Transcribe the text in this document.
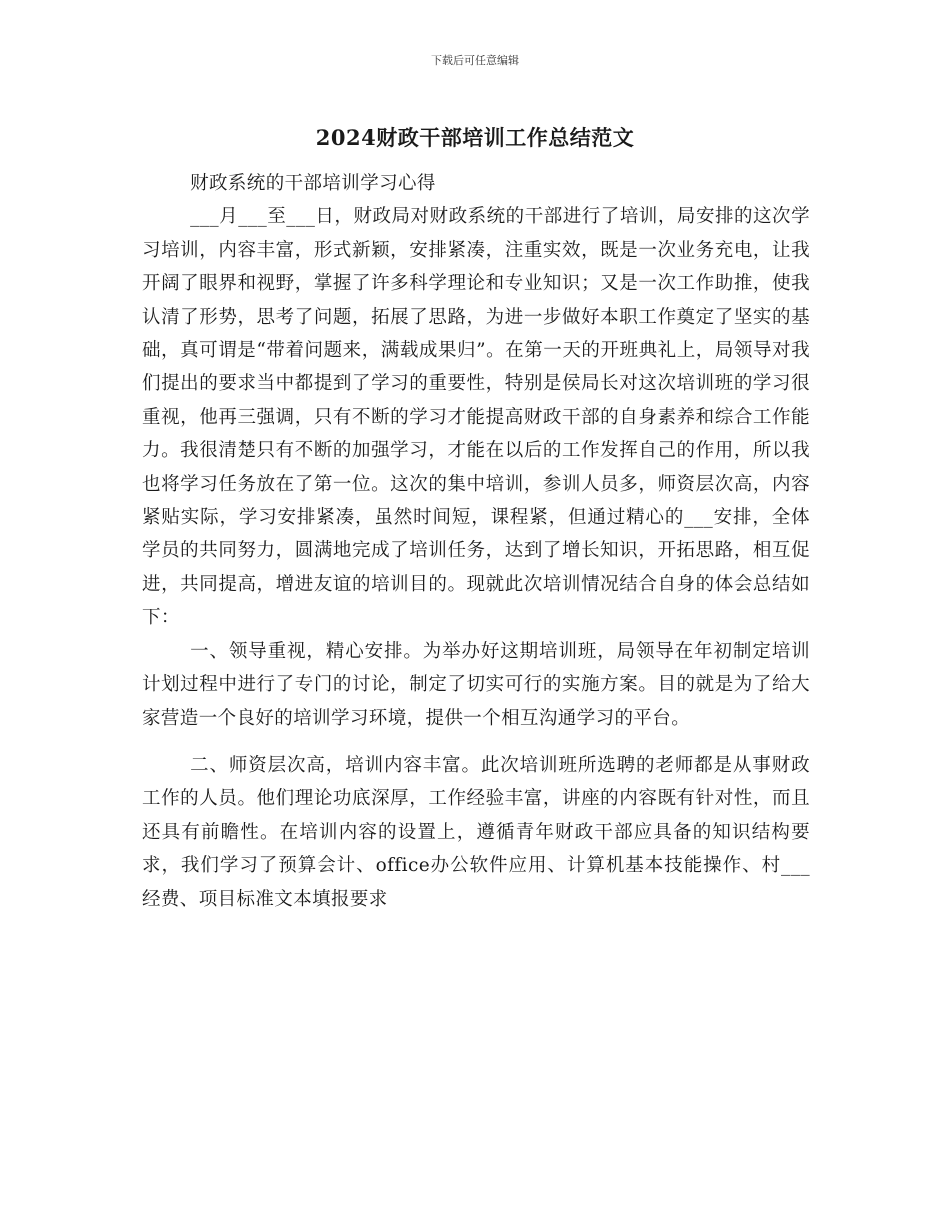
下载后可任意编辑
2024财政干部培训工作总结范文

财政系统的干部培训学习心得

___月___至___日，财政局对财政系统的干部进行了培训，局安排的这次学习培训，内容丰富，形式新颖，安排紧凑，注重实效，既是一次业务充电，让我开阔了眼界和视野，掌握了许多科学理论和专业知识；又是一次工作助推，使我认清了形势，思考了问题，拓展了思路，为进一步做好本职工作奠定了坚实的基础，真可谓是“带着问题来，满载成果归”。在第一天的开班典礼上，局领导对我们提出的要求当中都提到了学习的重要性，特别是侯局长对这次培训班的学习很重视，他再三强调，只有不断的学习才能提高财政干部的自身素养和综合工作能力。我很清楚只有不断的加强学习，才能在以后的工作发挥自己的作用，所以我也将学习任务放在了第一位。这次的集中培训，参训人员多，师资层次高，内容紧贴实际，学习安排紧凑，虽然时间短，课程紧，但通过精心的___安排，全体学员的共同努力，圆满地完成了培训任务，达到了增长知识，开拓思路，相互促进，共同提高，增进友谊的培训目的。现就此次培训情况结合自身的体会总结如下：

一、领导重视，精心安排。为举办好这期培训班，局领导在年初制定培训计划过程中进行了专门的讨论，制定了切实可行的实施方案。目的就是为了给大家营造一个良好的培训学习环境，提供一个相互沟通学习的平台。

二、师资层次高，培训内容丰富。此次培训班所选聘的老师都是从事财政工作的人员。他们理论功底深厚，工作经验丰富，讲座的内容既有针对性，而且还具有前瞻性。在培训内容的设置上，遵循青年财政干部应具备的知识结构要求，我们学习了预算会计、office办公软件应用、计算机基本技能操作、村___经费、项目标准文本填报要求
